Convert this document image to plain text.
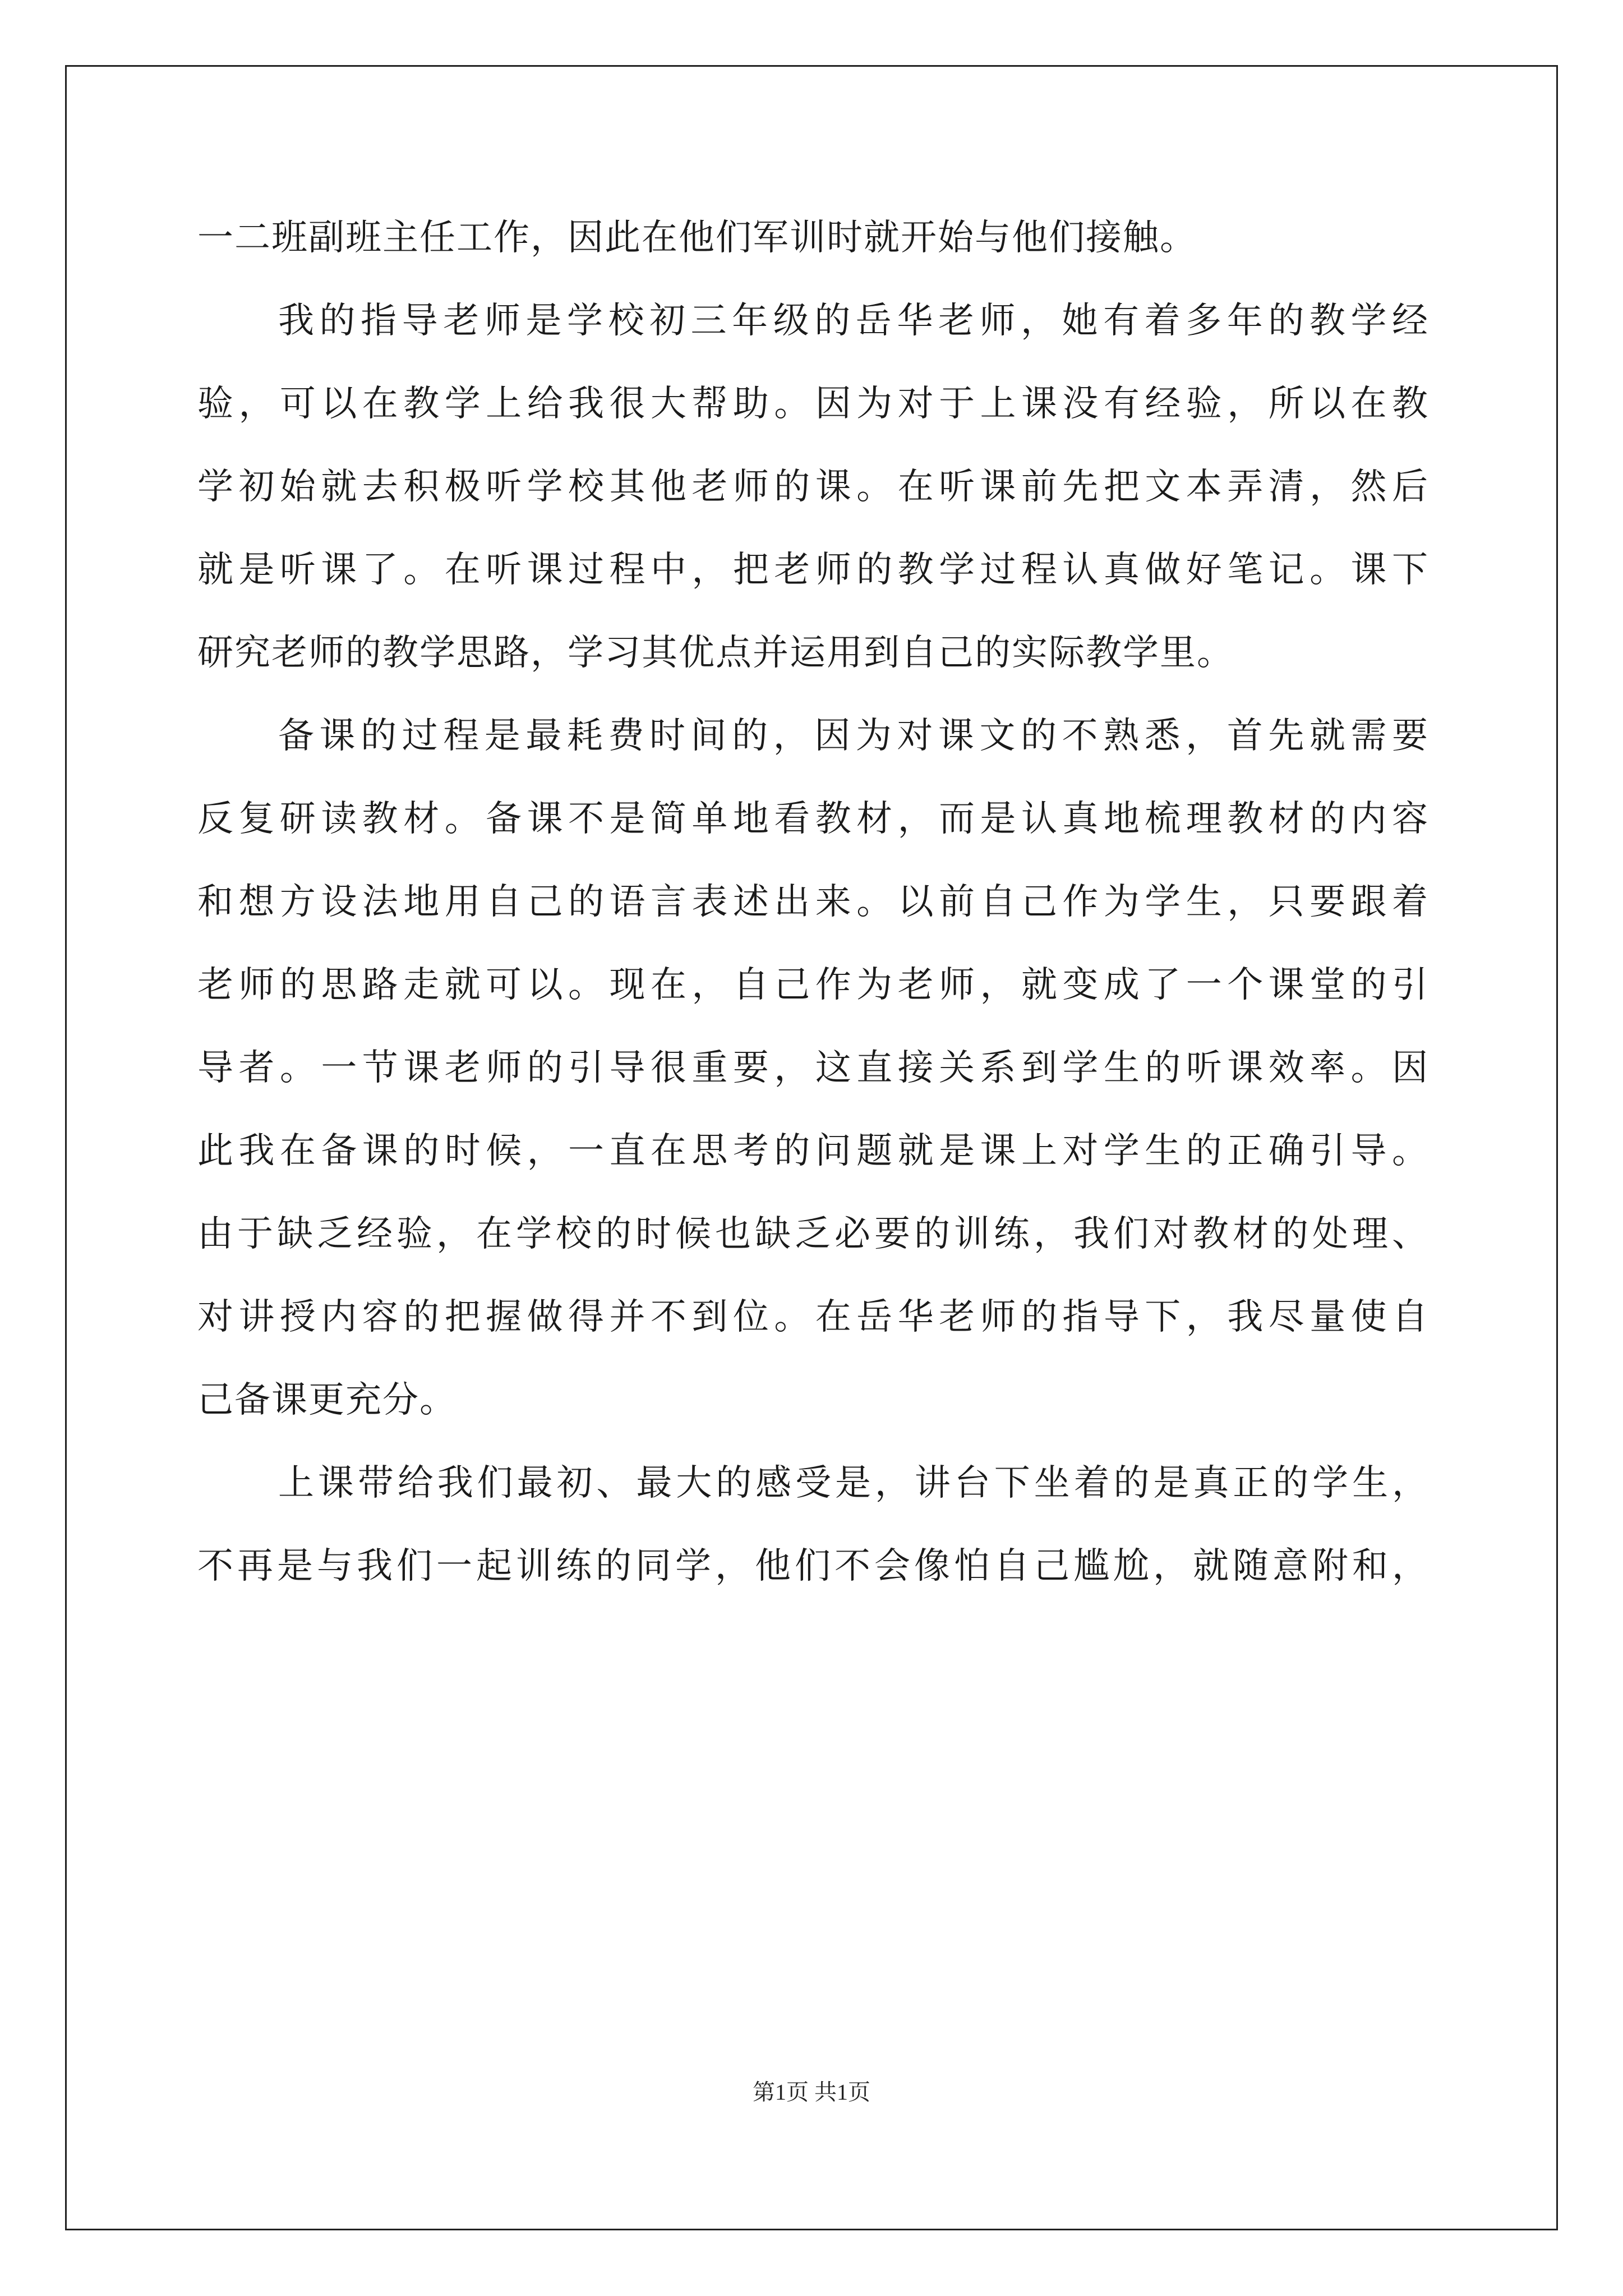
一二班副班主任工作，因此在他们军训时就开始与他们接触。
我的指导老师是学校初三年级的岳华老师，她有着多年的教学经
验，可以在教学上给我很大帮助。因为对于上课没有经验，所以在教
学初始就去积极听学校其他老师的课。在听课前先把文本弄清，然后
就是听课了。在听课过程中，把老师的教学过程认真做好笔记。课下
研究老师的教学思路，学习其优点并运用到自己的实际教学里。
备课的过程是最耗费时间的，因为对课文的不熟悉，首先就需要
反复研读教材。备课不是简单地看教材，而是认真地梳理教材的内容
和想方设法地用自己的语言表述出来。以前自己作为学生，只要跟着
老师的思路走就可以。现在，自己作为老师，就变成了一个课堂的引
导者。一节课老师的引导很重要，这直接关系到学生的听课效率。因
此我在备课的时候，一直在思考的问题就是课上对学生的正确引导。
由于缺乏经验，在学校的时候也缺乏必要的训练，我们对教材的处理、
对讲授内容的把握做得并不到位。在岳华老师的指导下，我尽量使自
己备课更充分。
上课带给我们最初、最大的感受是，讲台下坐着的是真正的学生，
不再是与我们一起训练的同学，他们不会像怕自己尴尬，就随意附和，
第1页 共1页
